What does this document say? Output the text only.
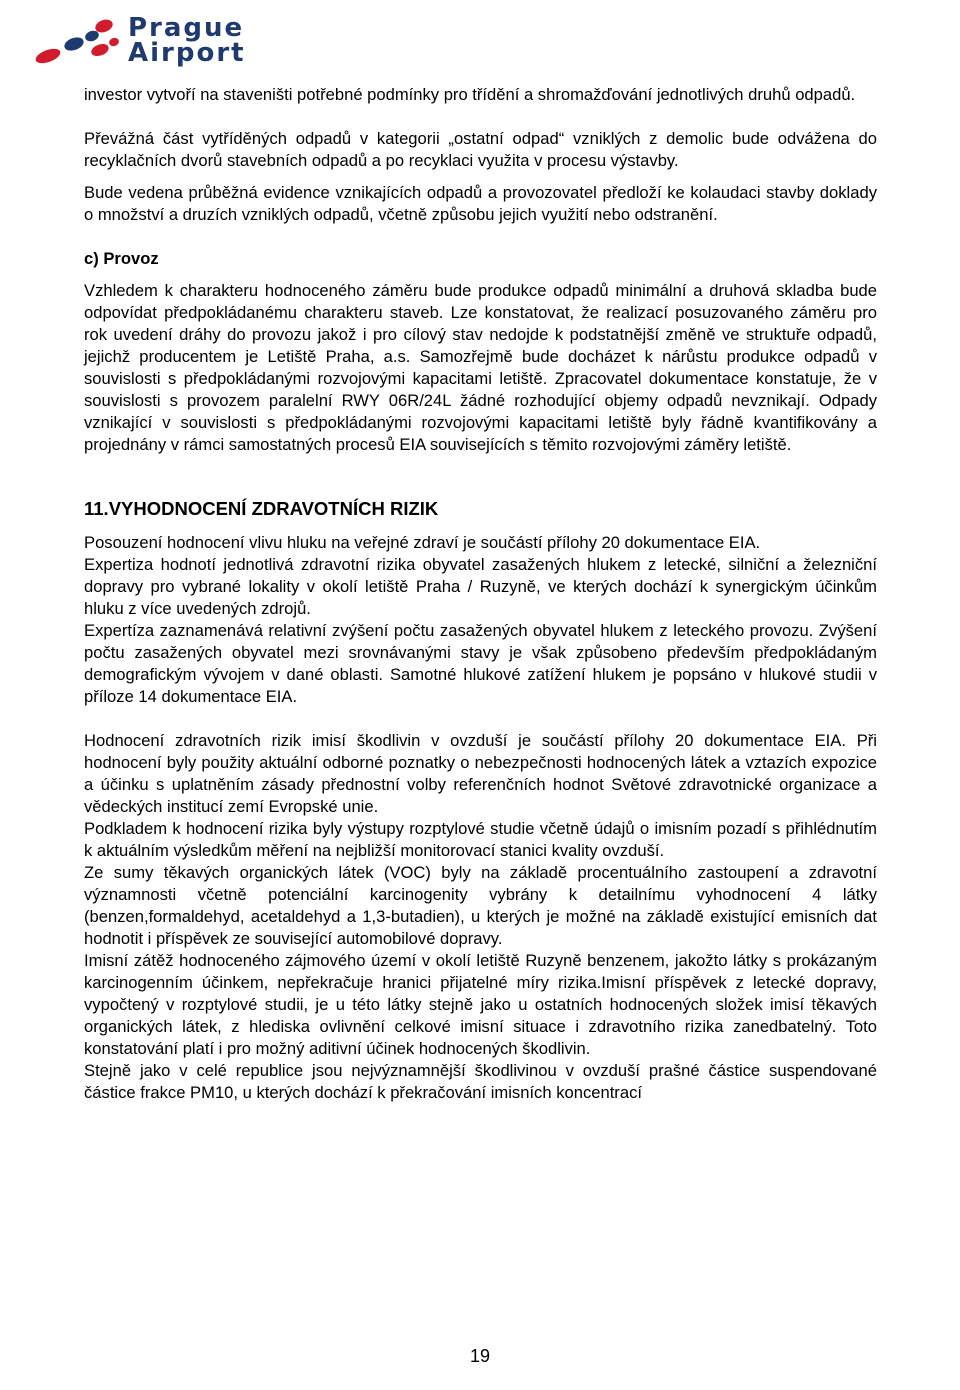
Prague
Airport

investor vytvoří na staveništi potřebné podmínky pro třídění a shromažďování jednotlivých druhů odpadů.

Převážná část vytříděných odpadů v kategorii „ostatní odpad“ vzniklých z demolic bude odvážena do recyklačních dvorů stavebních odpadů a po recyklaci využita v procesu výstavby.

Bude vedena průběžná evidence vznikajících odpadů a provozovatel předloží ke kolaudaci stavby doklady o množství a druzích vzniklých odpadů, včetně způsobu jejich využití nebo odstranění.

c) Provoz

Vzhledem k charakteru hodnoceného záměru bude produkce odpadů minimální a druhová skladba bude odpovídat předpokládanému charakteru staveb. Lze konstatovat, že realizací posuzovaného záměru pro rok uvedení dráhy do provozu jakož i pro cílový stav nedojde k podstatnější změně ve struktuře odpadů, jejichž producentem je Letiště Praha, a.s. Samozřejmě bude docházet k nárůstu produkce odpadů v souvislosti s předpokládanými rozvojovými kapacitami letiště. Zpracovatel dokumentace konstatuje, že v souvislosti s provozem paralelní RWY 06R/24L žádné rozhodující objemy odpadů nevznikají. Odpady vznikající v souvislosti s předpokládanými rozvojovými kapacitami letiště byly řádně kvantifikovány a projednány v rámci samostatných procesů EIA souvisejících s těmito rozvojovými záměry letiště.

11.VYHODNOCENÍ ZDRAVOTNÍCH RIZIK

Posouzení hodnocení vlivu hluku na veřejné zdraví je součástí přílohy 20 dokumentace EIA.

Expertiza hodnotí jednotlivá zdravotní rizika obyvatel zasažených hlukem z letecké, silniční a železniční dopravy pro vybrané lokality v okolí letiště Praha / Ruzyně, ve kterých dochází k synergickým účinkům hluku z více uvedených zdrojů.

Expertíza zaznamenává relativní zvýšení počtu zasažených obyvatel hlukem z leteckého provozu. Zvýšení počtu zasažených obyvatel mezi srovnávanými stavy je však způsobeno především předpokládaným demografickým vývojem v dané oblasti. Samotné hlukové zatížení hlukem je popsáno v hlukové studii v příloze 14 dokumentace EIA.

Hodnocení zdravotních rizik imisí škodlivin v ovzduší je součástí přílohy 20 dokumentace EIA. Při hodnocení byly použity aktuální odborné poznatky o nebezpečnosti hodnocených látek a vztazích expozice a účinku s uplatněním zásady přednostní volby referenčních hodnot Světové zdravotnické organizace a vědeckých institucí zemí Evropské unie.

Podkladem k hodnocení rizika byly výstupy rozptylové studie včetně údajů o imisním pozadí s přihlédnutím k aktuálním výsledkům měření na nejbližší monitorovací stanici kvality ovzduší.

Ze sumy těkavých organických látek (VOC) byly na základě procentuálního zastoupení a zdravotní významnosti včetně potenciální karcinogenity vybrány k detailnímu vyhodnocení 4 látky (benzen,formaldehyd, acetaldehyd a 1,3-butadien), u kterých je možné na základě existující emisních dat hodnotit i příspěvek ze související automobilové dopravy.

Imisní zátěž hodnoceného zájmového území v okolí letiště Ruzyně benzenem, jakožto látky s prokázaným karcinogenním účinkem, nepřekračuje hranici přijatelné míry rizika.Imisní příspěvek z letecké dopravy, vypočtený v rozptylové studii, je u této látky stejně jako u ostatních hodnocených složek imisí těkavých organických látek, z hlediska ovlivnění celkové imisní situace i zdravotního rizika zanedbatelný. Toto konstatování platí i pro možný aditivní účinek hodnocených škodlivin.

Stejně jako v celé republice jsou nejvýznamnější škodlivinou v ovzduší prašné částice suspendované částice frakce PM10, u kterých dochází k překračování imisních koncentrací

19
